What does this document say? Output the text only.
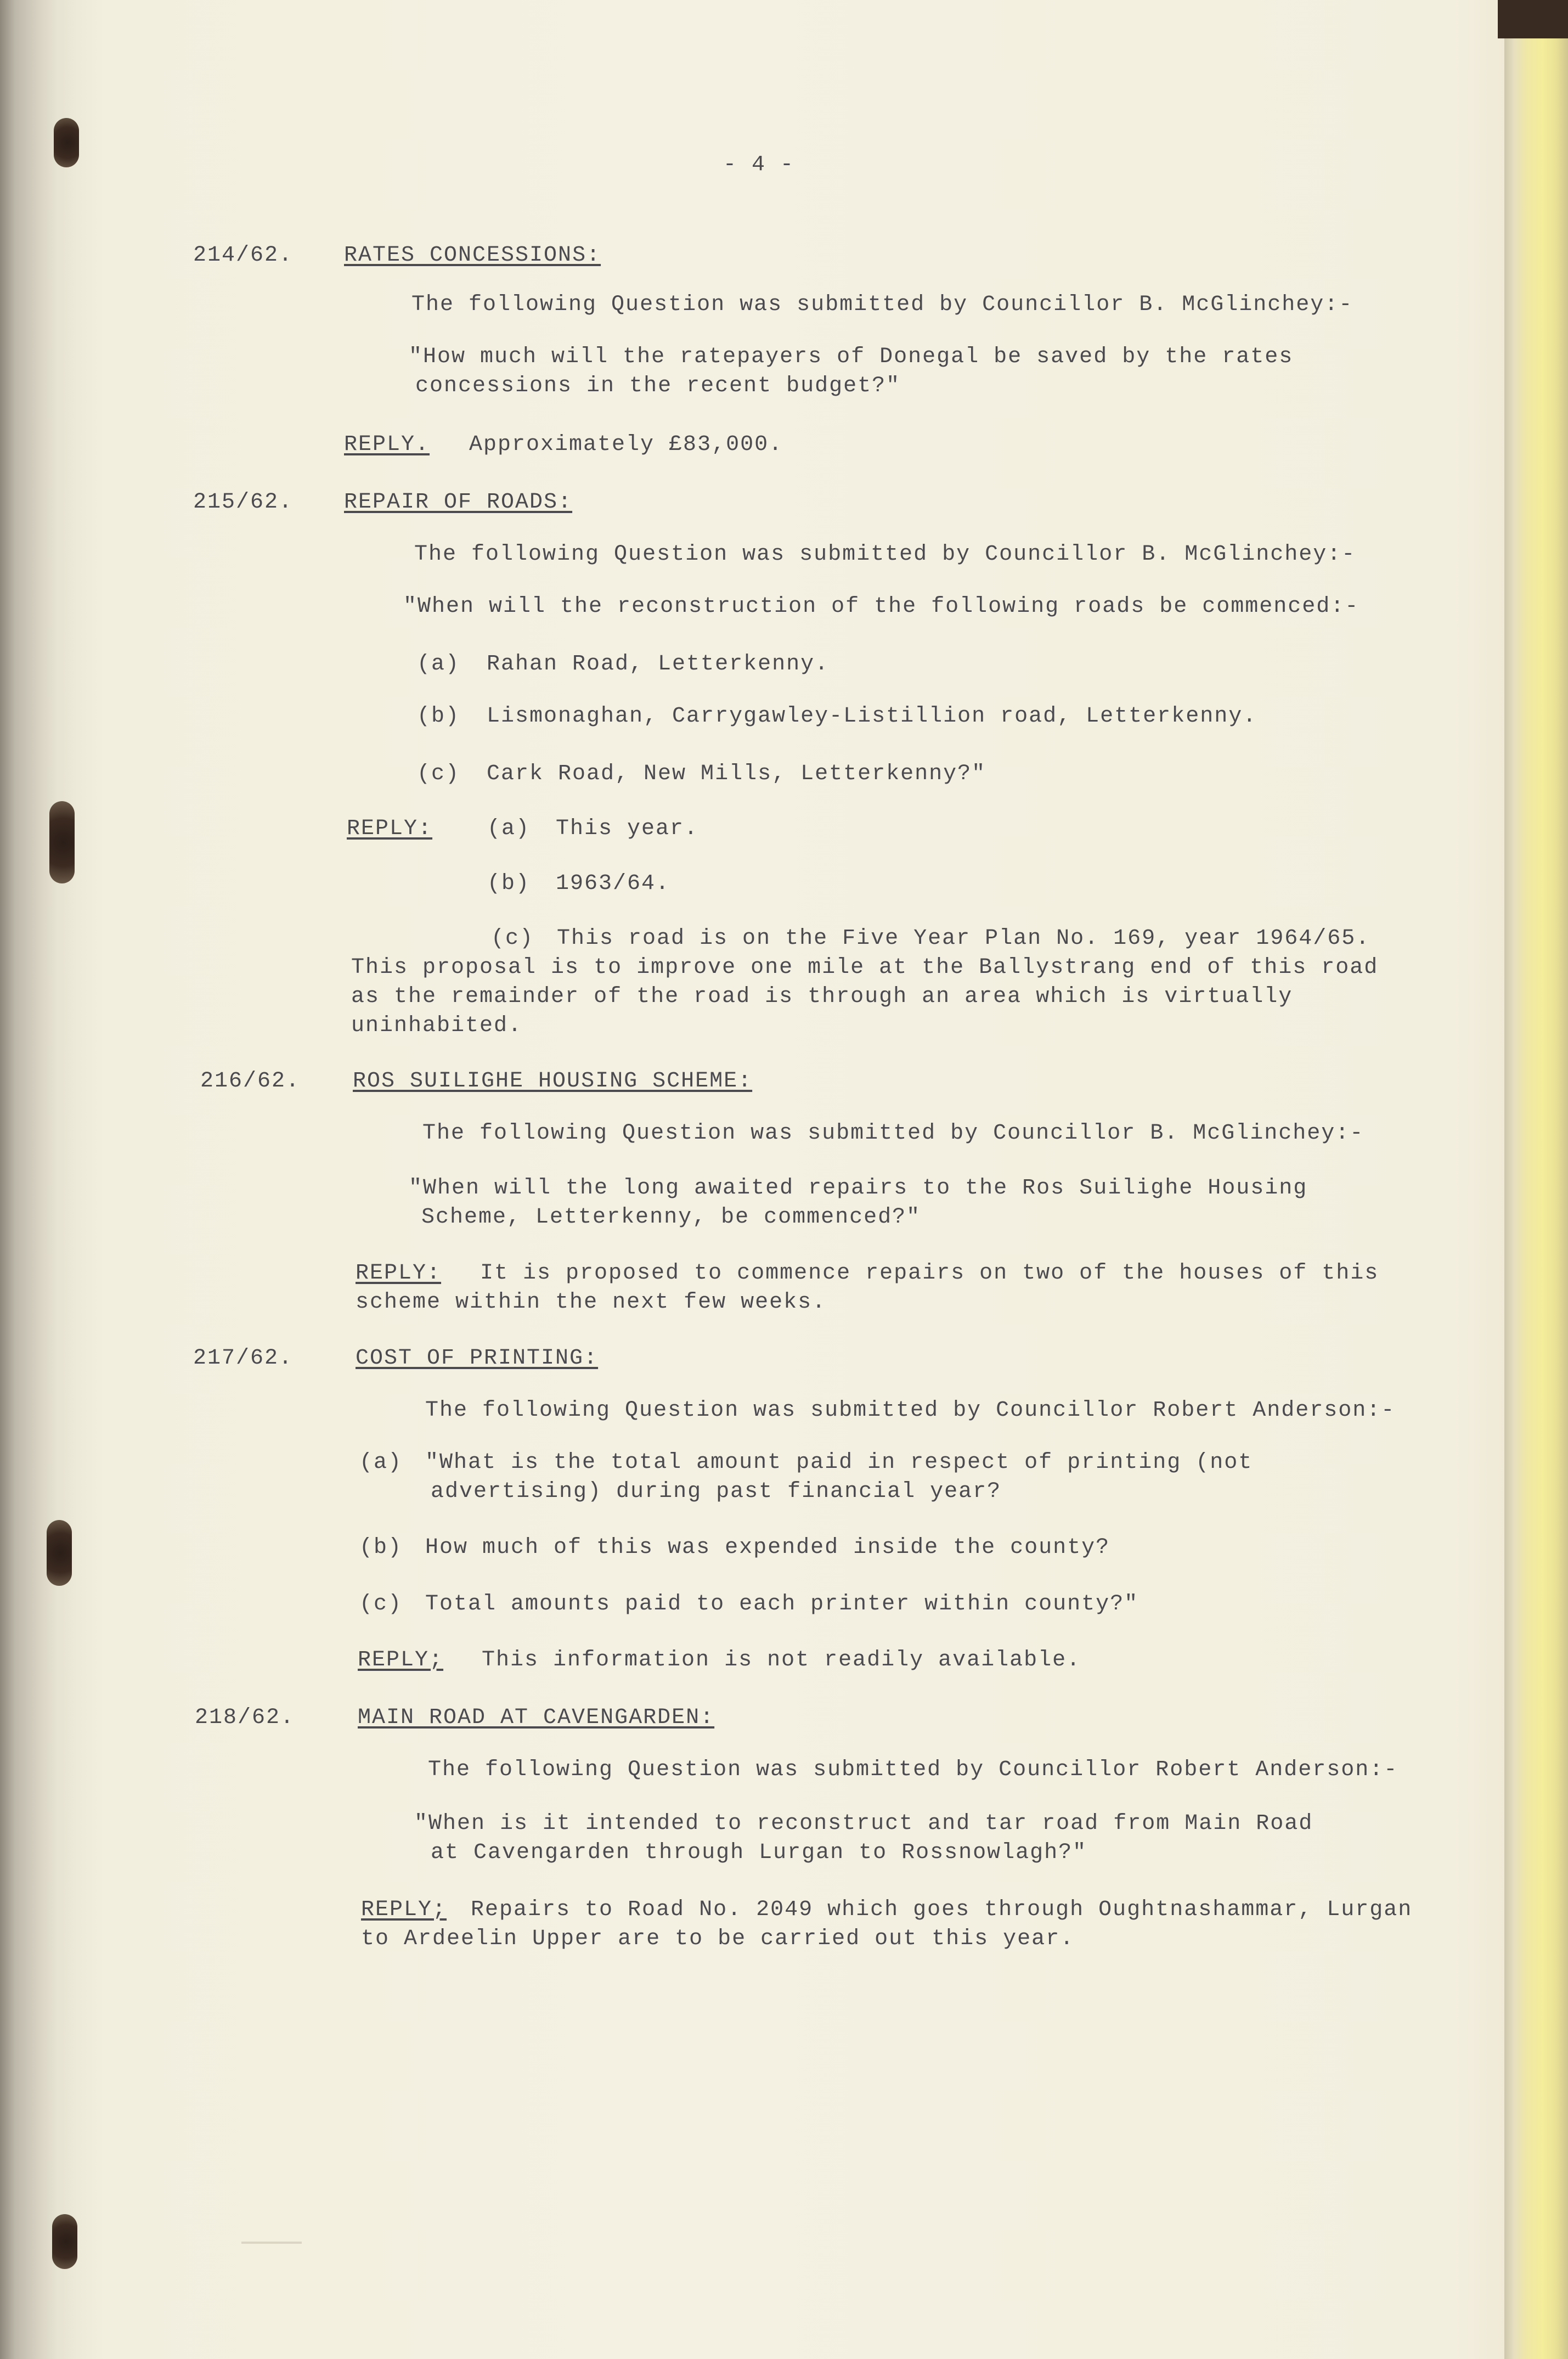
- 4 -
214/62. RATES CONCESSIONS:
The following Question was submitted by Councillor B. McGlinchey:-
"How much will the ratepayers of Donegal be saved by the rates
concessions in the recent budget?"
REPLY. Approximately £83,000.
215/62. REPAIR OF ROADS:
The following Question was submitted by Councillor B. McGlinchey:-
"When will the reconstruction of the following roads be commenced:-
(a) Rahan Road, Letterkenny.
(b) Lismonaghan, Carrygawley-Listillion road, Letterkenny.
(c) Cark Road, New Mills, Letterkenny?"
REPLY: (a) This year.
(b) 1963/64.
(c) This road is on the Five Year Plan No. 169, year 1964/65.
This proposal is to improve one mile at the Ballystrang end of this road
as the remainder of the road is through an area which is virtually
uninhabited.
216/62. ROS SUILIGHE HOUSING SCHEME:
The following Question was submitted by Councillor B. McGlinchey:-
"When will the long awaited repairs to the Ros Suilighe Housing
Scheme, Letterkenny, be commenced?"
REPLY: It is proposed to commence repairs on two of the houses of this
scheme within the next few weeks.
217/62.	COST OF PRINTING:
The following Question was submitted by Councillor Robert Anderson:-
(a) "What is the total amount paid in respect of printing (not
advertising) during past financial year?
(b) How much of this was expended inside the county?
(c) Total amounts paid to each printer within county?"
REPLY; This information is not readily available.
218/62.	MAIN ROAD AT CAVENGARDEN:
The following Question was submitted by Councillor Robert Anderson:-
"When is it intended to reconstruct and tar road from Main Road
at Cavengarden through Lurgan to Rossnowlagh?"
REPLY; Repairs to Road No. 2049 which goes through Oughtnashammar, Lurgan
to Ardeelin Upper are to be carried out this year.
